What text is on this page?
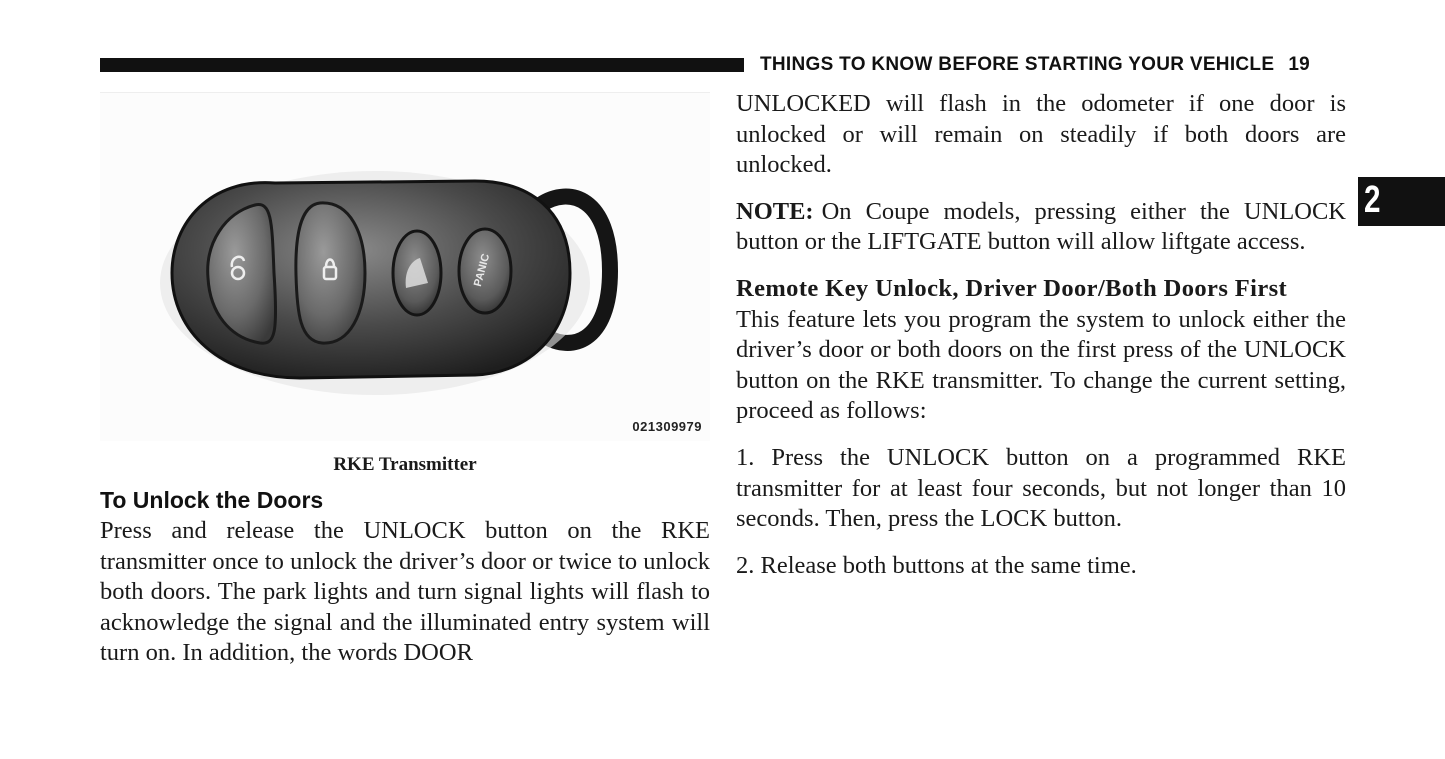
THINGS TO KNOW BEFORE STARTING YOUR VEHICLE 19
2
PANIC
021309979
RKE Transmitter
To Unlock the Doors

Press and release the UNLOCK button on the RKE transmitter once to unlock the driver’s door or twice to unlock both doors. The park lights and turn signal lights will flash to acknowledge the signal and the illuminated entry system will turn on. In addition, the words DOOR

UNLOCKED will flash in the odometer if one door is unlocked or will remain on steadily if both doors are unlocked.

NOTE: On Coupe models, pressing either the UNLOCK button or the LIFTGATE button will allow liftgate access.

Remote Key Unlock, Driver Door/Both Doors First
This feature lets you program the system to unlock either the driver’s door or both doors on the first press of the UNLOCK button on the RKE transmitter. To change the current setting, proceed as follows:

1. Press the UNLOCK button on a programmed RKE transmitter for at least four seconds, but not longer than 10 seconds. Then, press the LOCK button.

2. Release both buttons at the same time.
